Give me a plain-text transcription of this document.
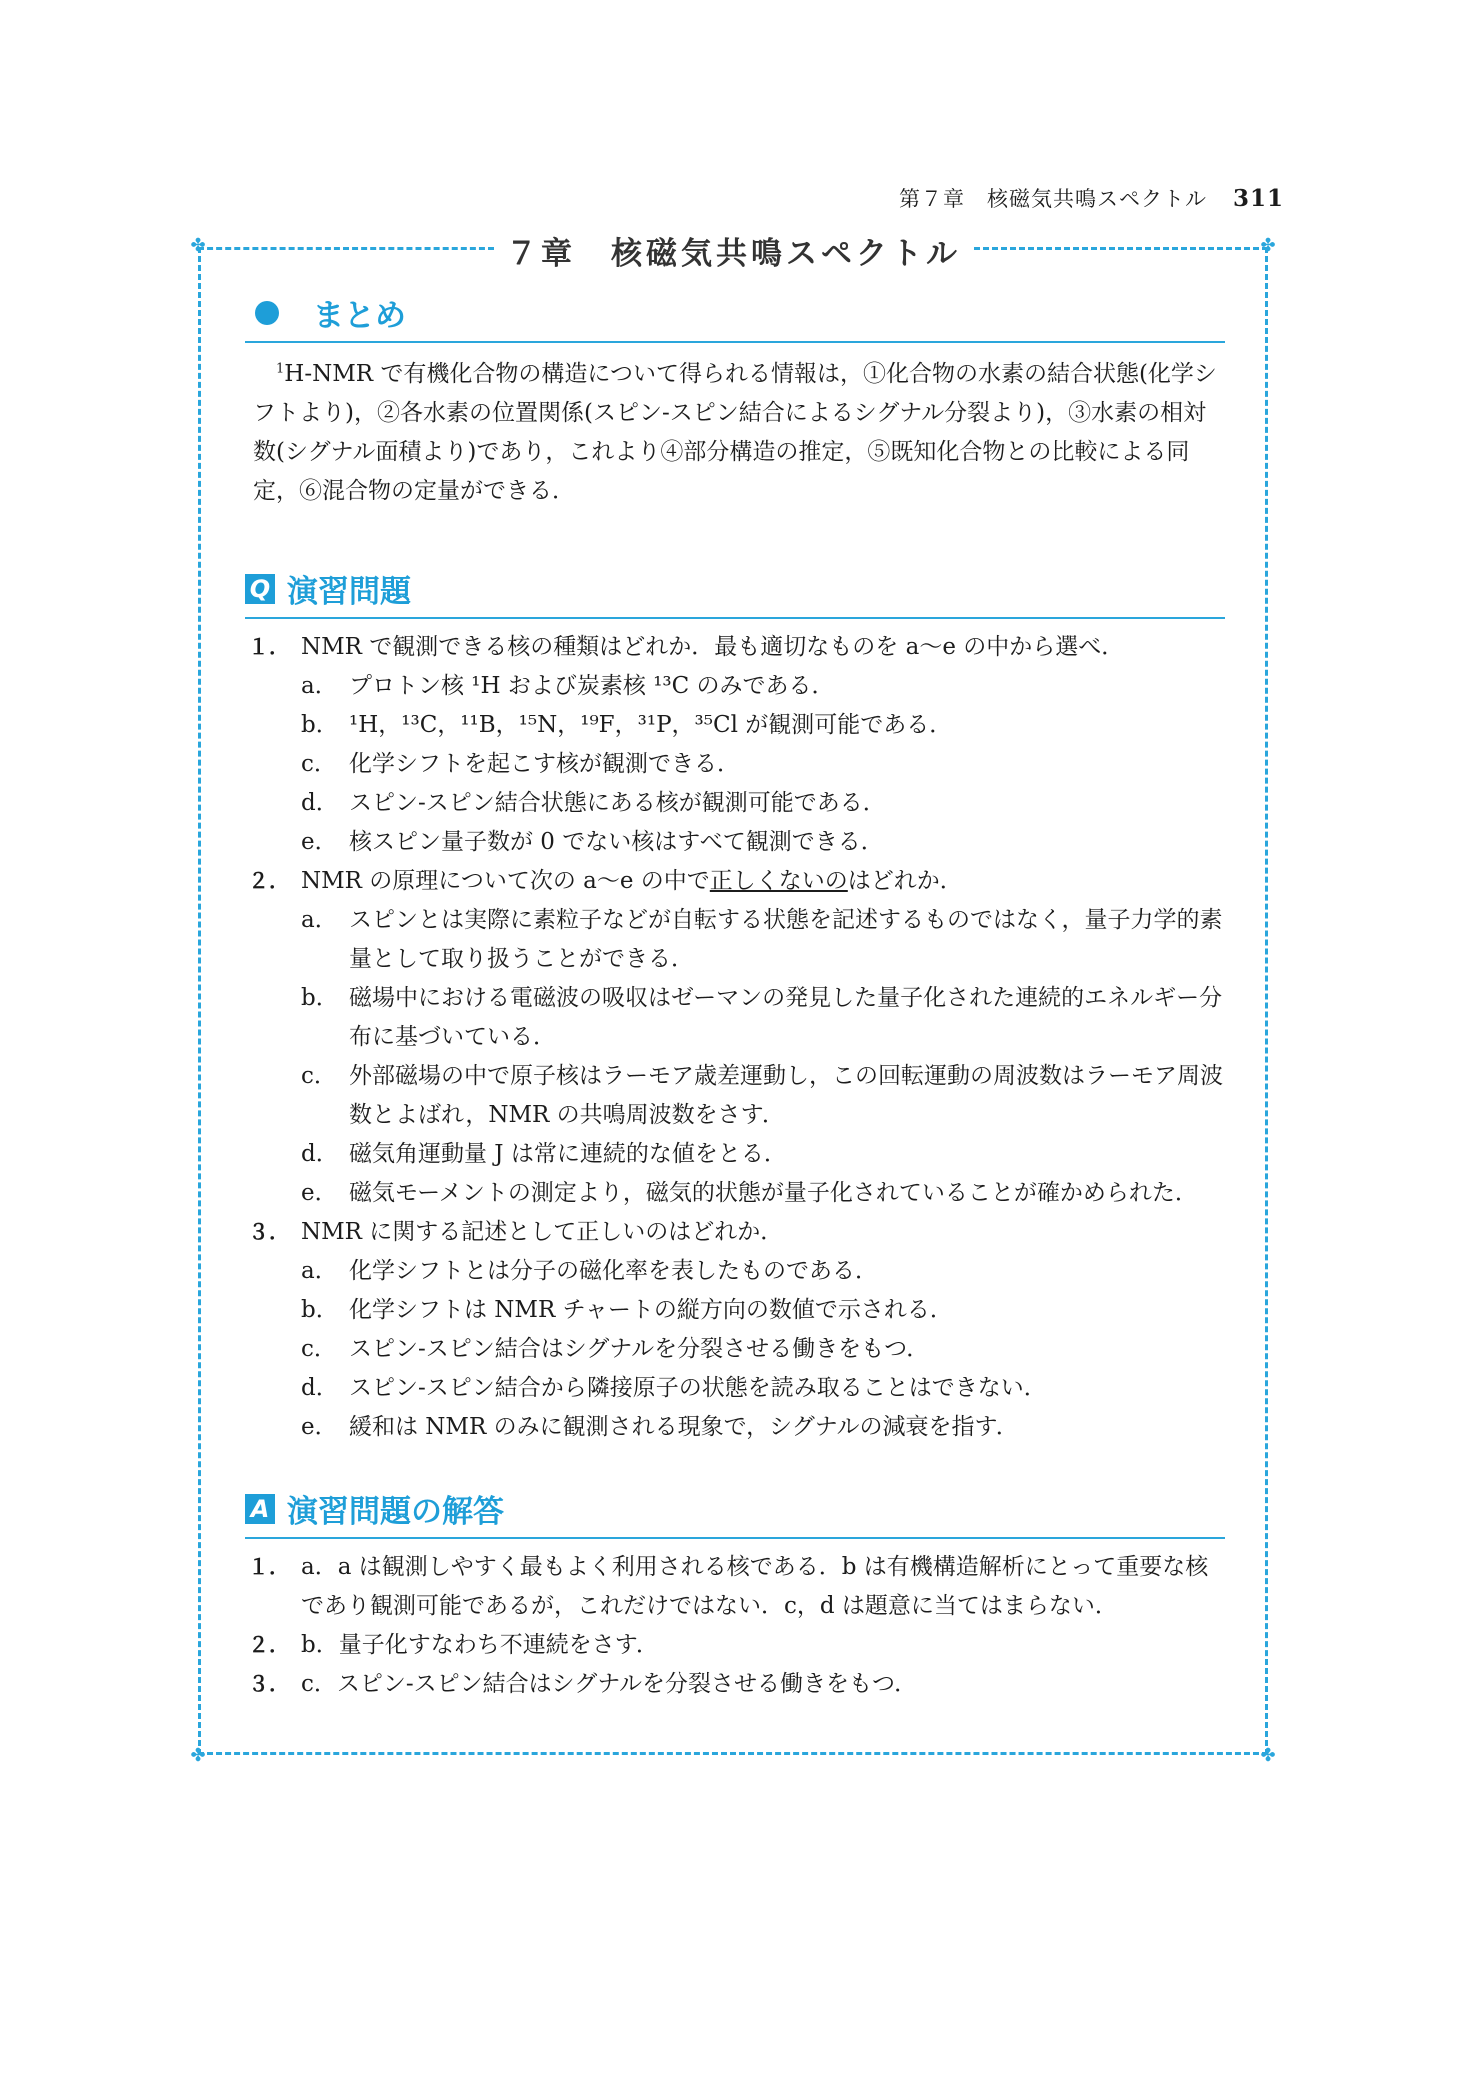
第７章　核磁気共鳴スペクトル 311
✤	✤
✤	✤
７章　核磁気共鳴スペクトル
まとめ
$^1$H-NMR で有機化合物の構造について得られる情報は，①化合物の水素の結合状態(化学シフトより)，②各水素の位置関係(スピン-スピン結合によるシグナル分裂より)，③水素の相対数(シグナル面積より)であり，これより④部分構造の推定，⑤既知化合物との比較による同定，⑥混合物の定量ができる．
Q 演習問題
１． NMR で観測できる核の種類はどれか．最も適切なものを a〜e の中から選べ．
a． プロトン核 ¹H および炭素核 ¹³C のみである．
b． ¹H，¹³C，¹¹B，¹⁵N，¹⁹F，³¹P，³⁵Cl が観測可能である．
c． 化学シフトを起こす核が観測できる．
d． スピン-スピン結合状態にある核が観測可能である．
e． 核スピン量子数が 0 でない核はすべて観測できる．
２． NMR の原理について次の a〜e の中で正しくないのはどれか．
a． スピンとは実際に素粒子などが自転する状態を記述するものではなく，量子力学的素量として取り扱うことができる．
b． 磁場中における電磁波の吸収はゼーマンの発見した量子化された連続的エネルギー分布に基づいている．
c． 外部磁場の中で原子核はラーモア歳差運動し，この回転運動の周波数はラーモア周波数とよばれ，NMR の共鳴周波数をさす．
d． 磁気角運動量 J は常に連続的な値をとる．
e． 磁気モーメントの測定より，磁気的状態が量子化されていることが確かめられた．
３． NMR に関する記述として正しいのはどれか．
a． 化学シフトとは分子の磁化率を表したものである．
b． 化学シフトは NMR チャートの縦方向の数値で示される．
c． スピン-スピン結合はシグナルを分裂させる働きをもつ．
d． スピン-スピン結合から隣接原子の状態を読み取ることはできない．
e． 緩和は NMR のみに観測される現象で，シグナルの減衰を指す．
A 演習問題の解答
１． a．a は観測しやすく最もよく利用される核である．b は有機構造解析にとって重要な核であり観測可能であるが，これだけではない．c，d は題意に当てはまらない．
２． b．量子化すなわち不連続をさす．
３． c．スピン-スピン結合はシグナルを分裂させる働きをもつ．
